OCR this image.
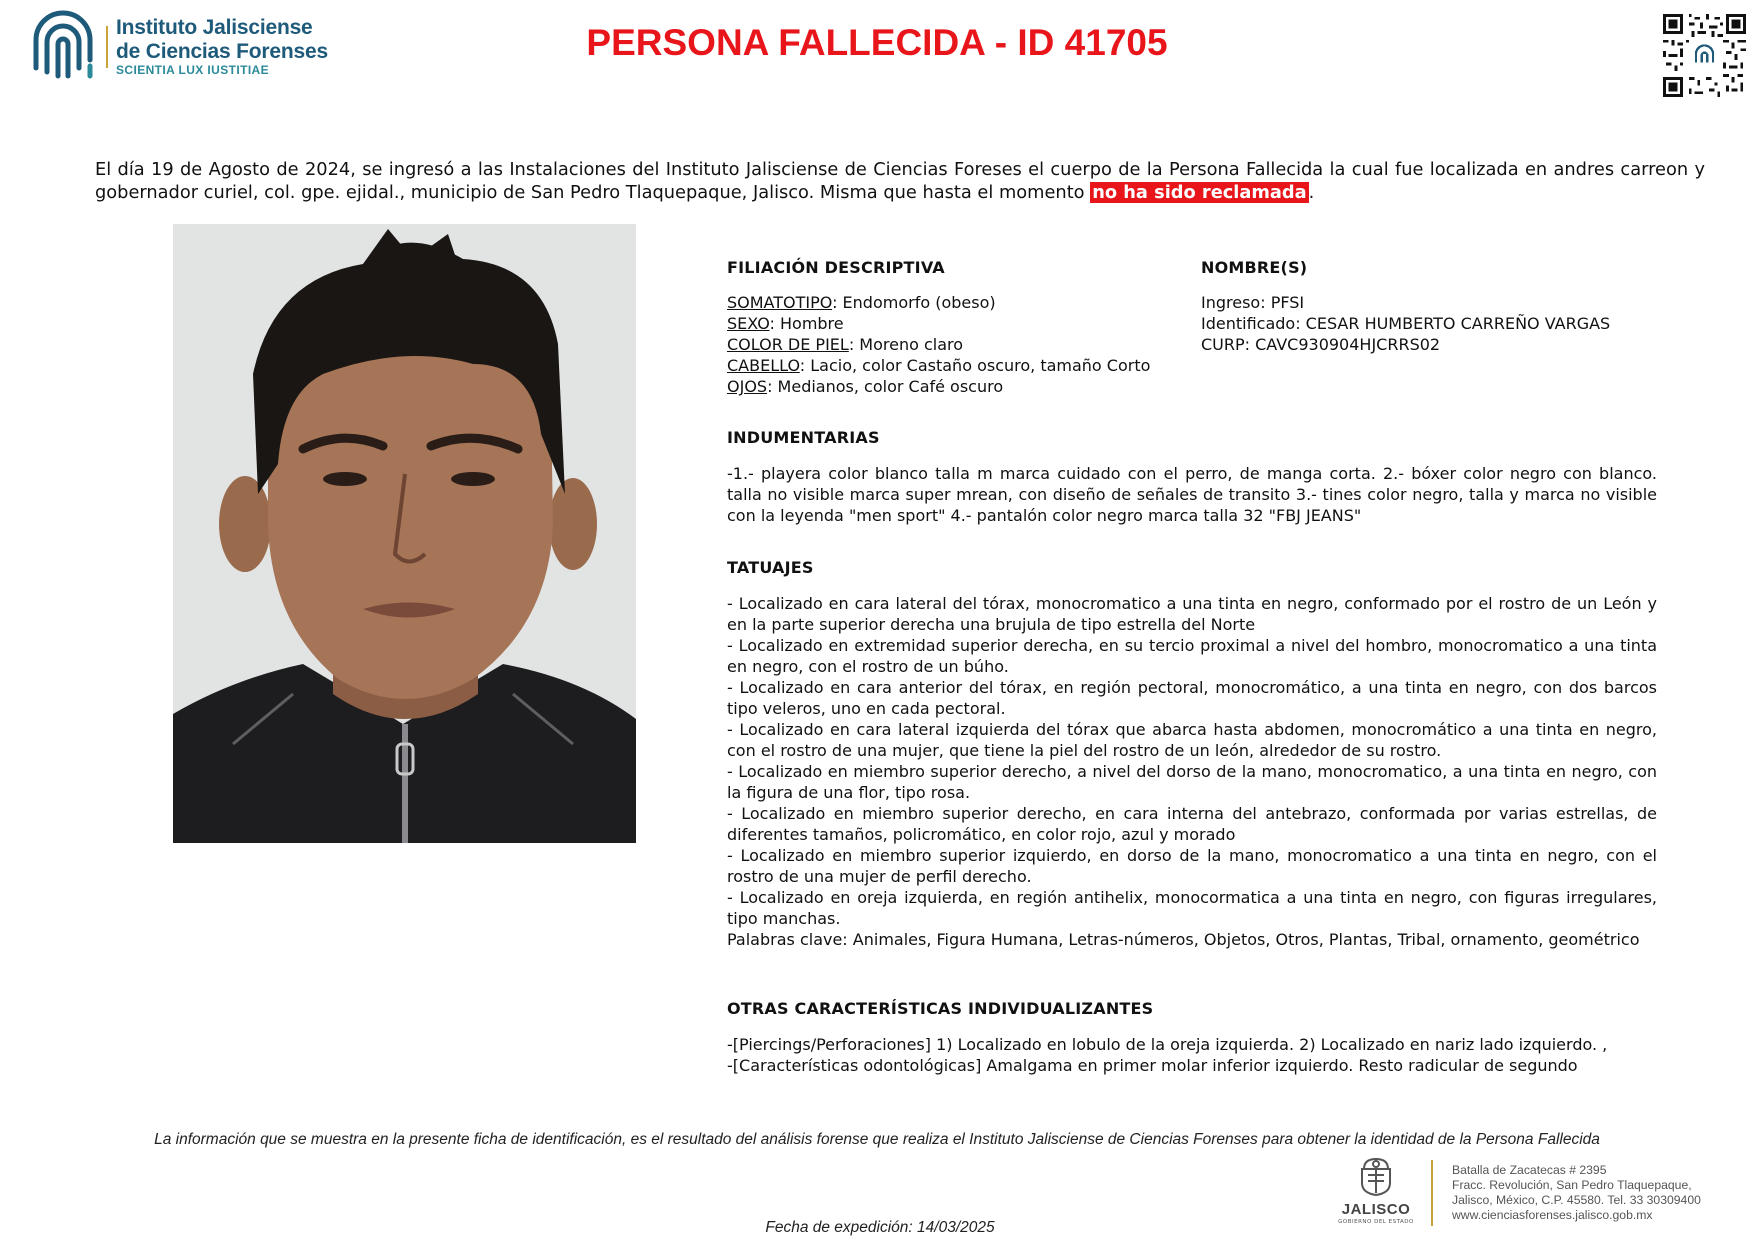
Instituto Jalisciense
de Ciencias Forenses
SCIENTIA LUX IUSTITIAE
PERSONA FALLECIDA - ID 41705
El día 19 de Agosto de 2024, se ingresó a las Instalaciones del Instituto Jalisciense de Ciencias Foreses el cuerpo de la Persona Fallecida la cual fue localizada en andres carreon y gobernador curiel, col. gpe. ejidal., municipio de San Pedro Tlaquepaque, Jalisco. Misma que hasta el momento no ha sido reclamada .
FILIACIÓN DESCRIPTIVA
SOMATOTIPO: Endomorfo (obeso)
SEXO: Hombre
COLOR DE PIEL: Moreno claro
CABELLO: Lacio, color Castaño oscuro, tamaño Corto
OJOS: Medianos, color Café oscuro
NOMBRE(S)
Ingreso: PFSI
Identificado: CESAR HUMBERTO CARREÑO VARGAS
CURP: CAVC930904HJCRRS02
INDUMENTARIAS
-1.- playera color blanco talla m marca cuidado con el perro, de manga corta. 2.- bóxer color negro con blanco. talla no visible marca super mrean, con diseño de señales de transito 3.- tines color negro, talla y marca no visible con la leyenda "men sport" 4.- pantalón color negro marca talla 32 "FBJ JEANS"
TATUAJES
- Localizado en cara lateral del tórax, monocromatico a una tinta en negro, conformado por el rostro de un León y en la parte superior derecha una brujula de tipo estrella del Norte
- Localizado en extremidad superior derecha, en su tercio proximal a nivel del hombro, monocromatico a una tinta en negro, con el rostro de un búho.
- Localizado en cara anterior del tórax, en región pectoral, monocromático, a una tinta en negro, con dos barcos tipo veleros, uno en cada pectoral.
- Localizado en cara lateral izquierda del tórax que abarca hasta abdomen, monocromático a una tinta en negro, con el rostro de una mujer, que tiene la piel del rostro de un león, alrededor de su rostro.
- Localizado en miembro superior derecho, a nivel del dorso de la mano, monocromatico, a una tinta en negro, con la figura de una flor, tipo rosa.
- Localizado en miembro superior derecho, en cara interna del antebrazo, conformada por varias estrellas, de diferentes tamaños, policromático, en color rojo, azul y morado
- Localizado en miembro superior izquierdo, en dorso de la mano, monocromatico a una tinta en negro, con el rostro de una mujer de perfil derecho.
- Localizado en oreja izquierda, en región antihelix, monocormatica a una tinta en negro, con figuras irregulares, tipo manchas.
Palabras clave: Animales, Figura Humana, Letras-números, Objetos, Otros, Plantas, Tribal, ornamento, geométrico
OTRAS CARACTERÍSTICAS INDIVIDUALIZANTES
-[Piercings/Perforaciones] 1) Localizado en lobulo de la oreja izquierda. 2) Localizado en nariz lado izquierdo. ,
-[Características odontológicas] Amalgama en primer molar inferior izquierdo. Resto radicular de segundo
La información que se muestra en la presente ficha de identificación, es el resultado del análisis forense que realiza el Instituto Jalisciense de Ciencias Forenses para obtener la identidad de la Persona Fallecida
Fecha de expedición: 14/03/2025
JALISCO
GOBIERNO DEL ESTADO
Batalla de Zacatecas # 2395
Fracc. Revolución, San Pedro Tlaquepaque,
Jalisco, México, C.P. 45580. Tel. 33 30309400
www.cienciasforenses.jalisco.gob.mx
